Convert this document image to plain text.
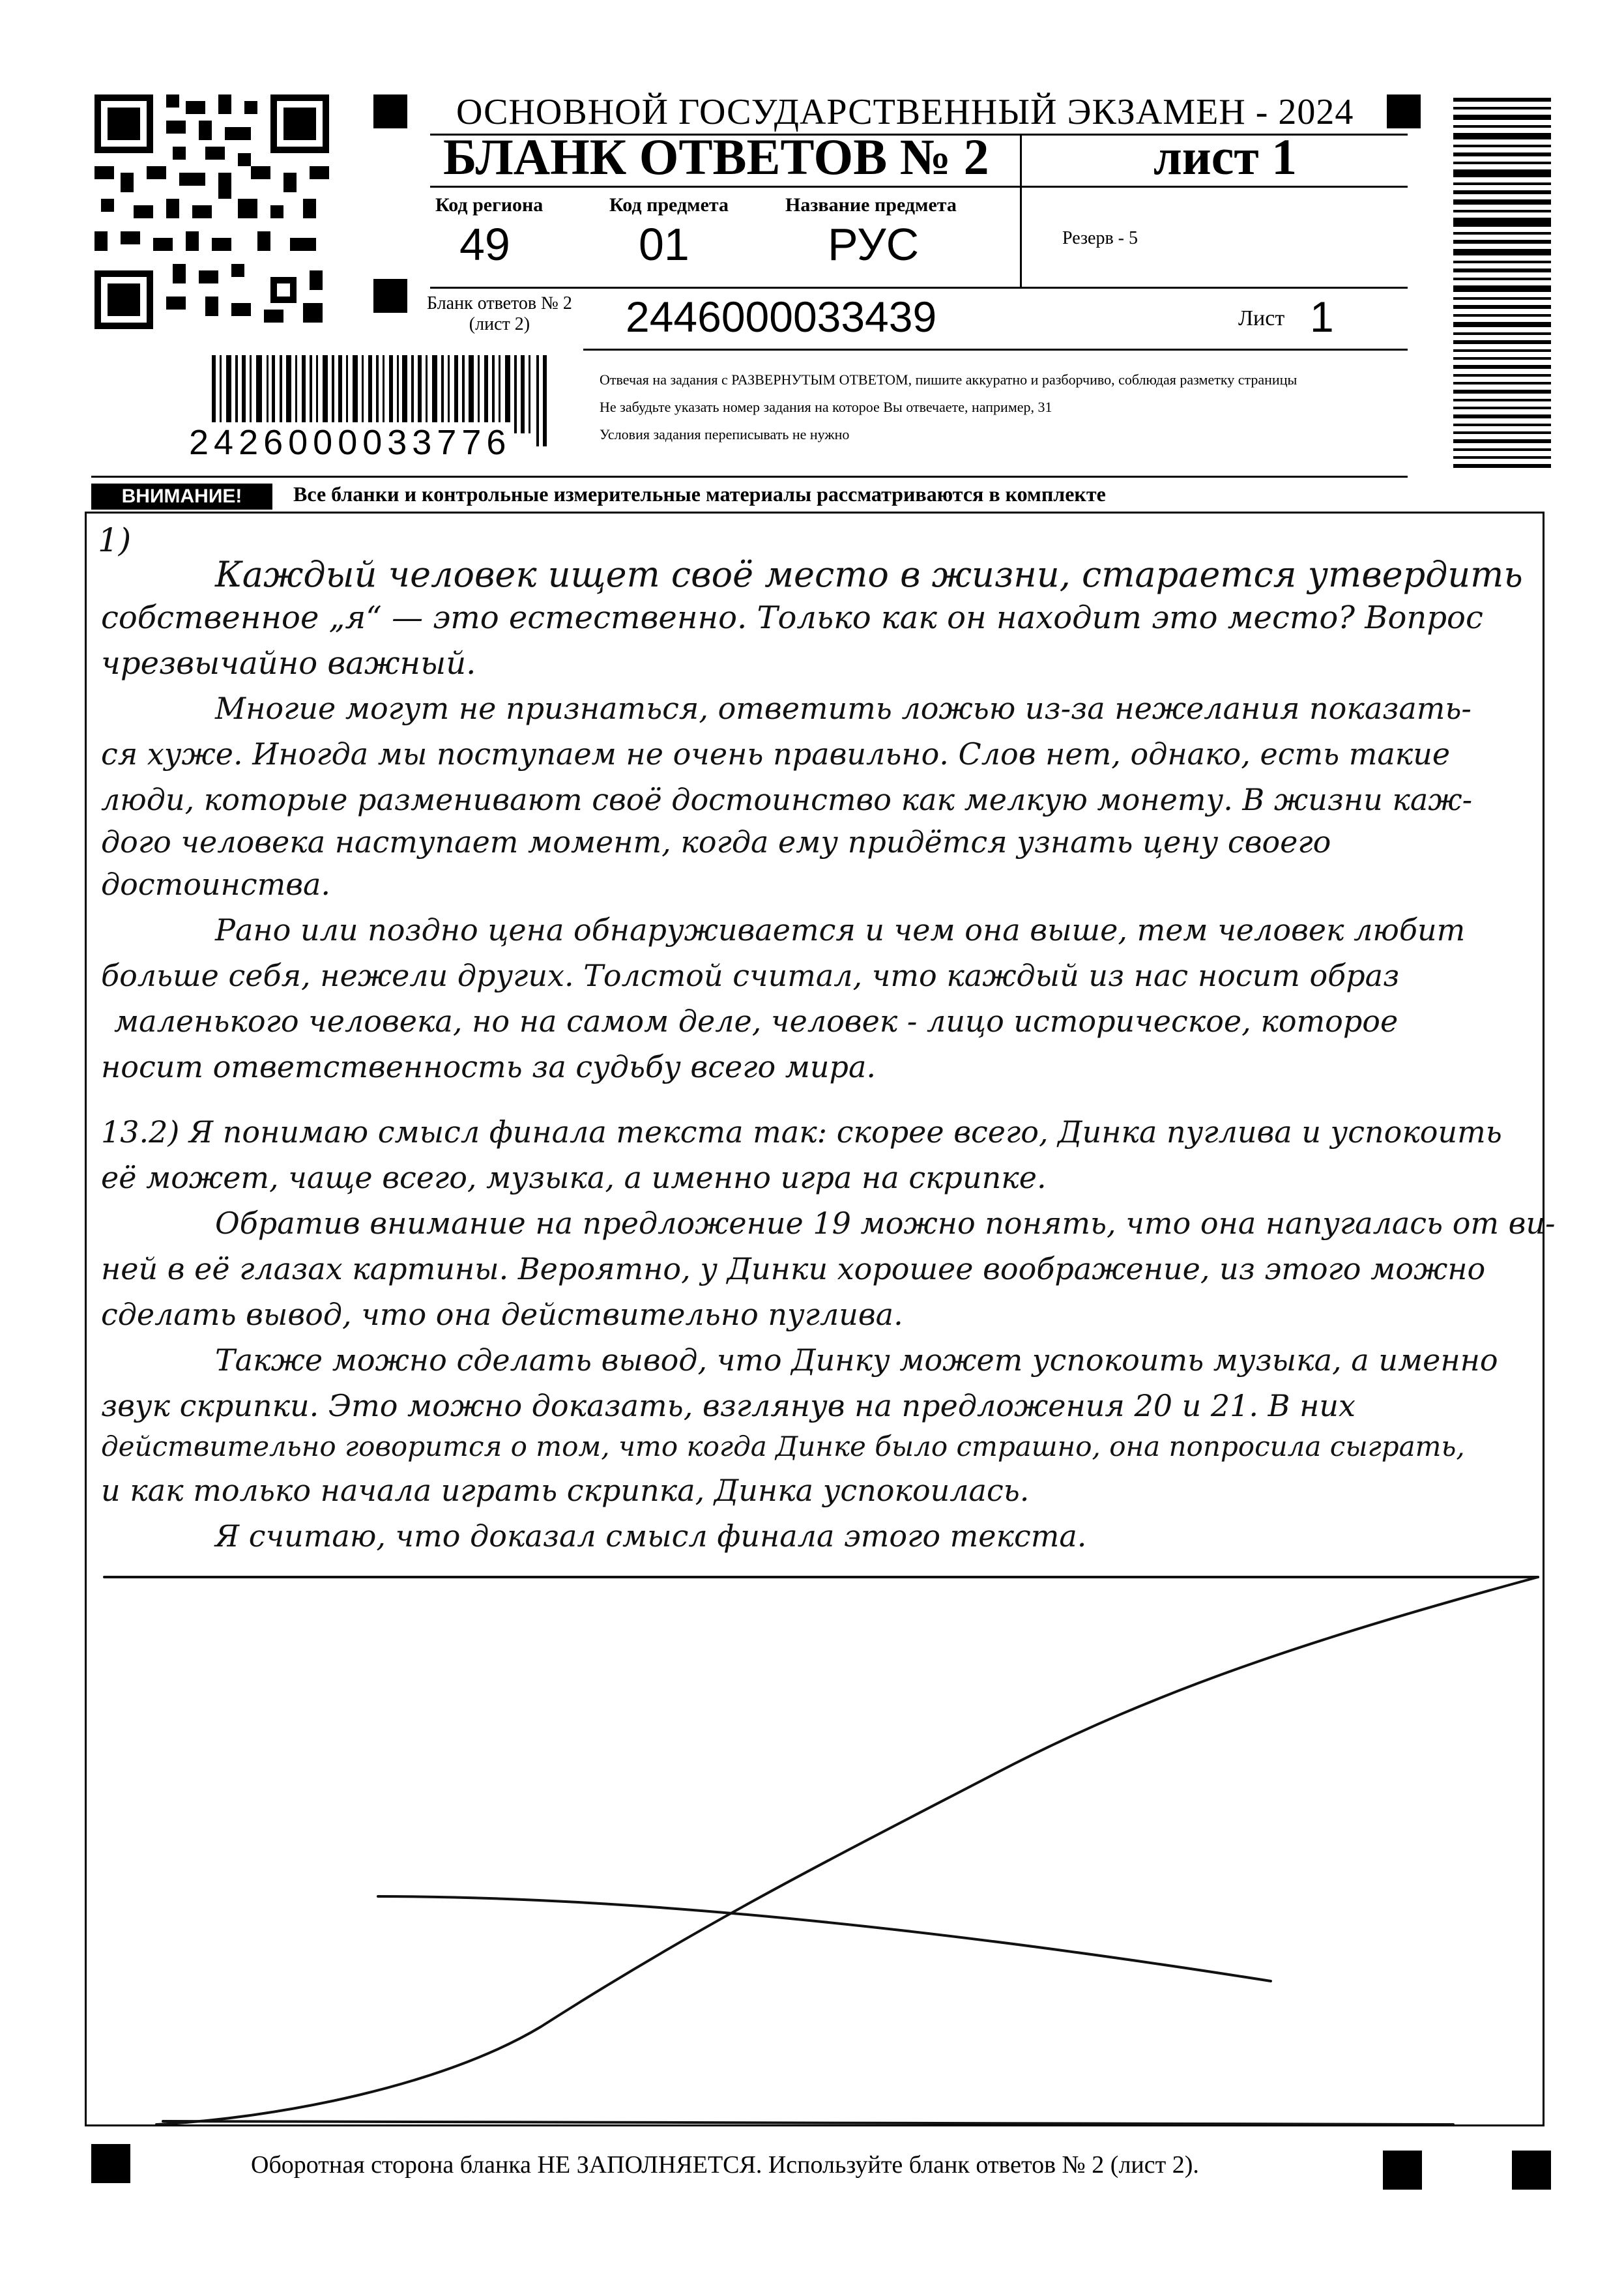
ОСНОВНОЙ ГОСУДАРСТВЕННЫЙ ЭКЗАМЕН - 2024
БЛАНК ОТВЕТОВ № 2	лист 1
Код региона
49
Код предмета
01
Название предмета
РУС	Резерв - 5
Бланк ответов № 2
(лист 2)	2446000033439	Лист 1
2426000033776
Отвечая на задания с РАЗВЕРНУТЫМ ОТВЕТОМ, пишите аккуратно и разборчиво, соблюдая разметку страницы
Не забудьте указать номер задания на которое Вы отвечаете, например, 31
Условия задания переписывать не нужно
ВНИМАНИЕ!	Все бланки и контрольные измерительные материалы рассматриваются в комплекте
1)
Каждый человек ищет своё место в жизни, старается утвердить
собственное „я“ — это естественно. Только как он находит это место? Вопрос
чрезвычайно важный.
Многие могут не признаться, ответить ложью из-за нежелания показать-
ся хуже. Иногда мы поступаем не очень правильно. Слов нет, однако, есть такие
люди, которые разменивают своё достоинство как мелкую монету. В жизни каж-
дого человека наступает момент, когда ему придётся узнать цену своего
достоинства.
Рано или поздно цена обнаруживается и чем она выше, тем человек любит
больше себя, нежели других. Толстой считал, что каждый из нас носит образ
маленького человека, но на самом деле, человек - лицо историческое, которое
носит ответственность за судьбу всего мира.
13.2) Я понимаю смысл финала текста так: скорее всего, Динка пуглива и успокоить
её может, чаще всего, музыка, а именно игра на скрипке.
Обратив внимание на предложение 19 можно понять, что она напугалась от ви-
ней в её глазах картины. Вероятно, у Динки хорошее воображение, из этого можно
сделать вывод, что она действительно пуглива.
Также можно сделать вывод, что Динку может успокоить музыка, а именно
звук скрипки. Это можно доказать, взглянув на предложения 20 и 21. В них
действительно говорится о том, что когда Динке было страшно, она попросила сыграть,
и как только начала играть скрипка, Динка успокоилась.
Я считаю, что доказал смысл финала этого текста.
Оборотная сторона бланка НЕ ЗАПОЛНЯЕТСЯ. Используйте бланк ответов № 2 (лист 2).
